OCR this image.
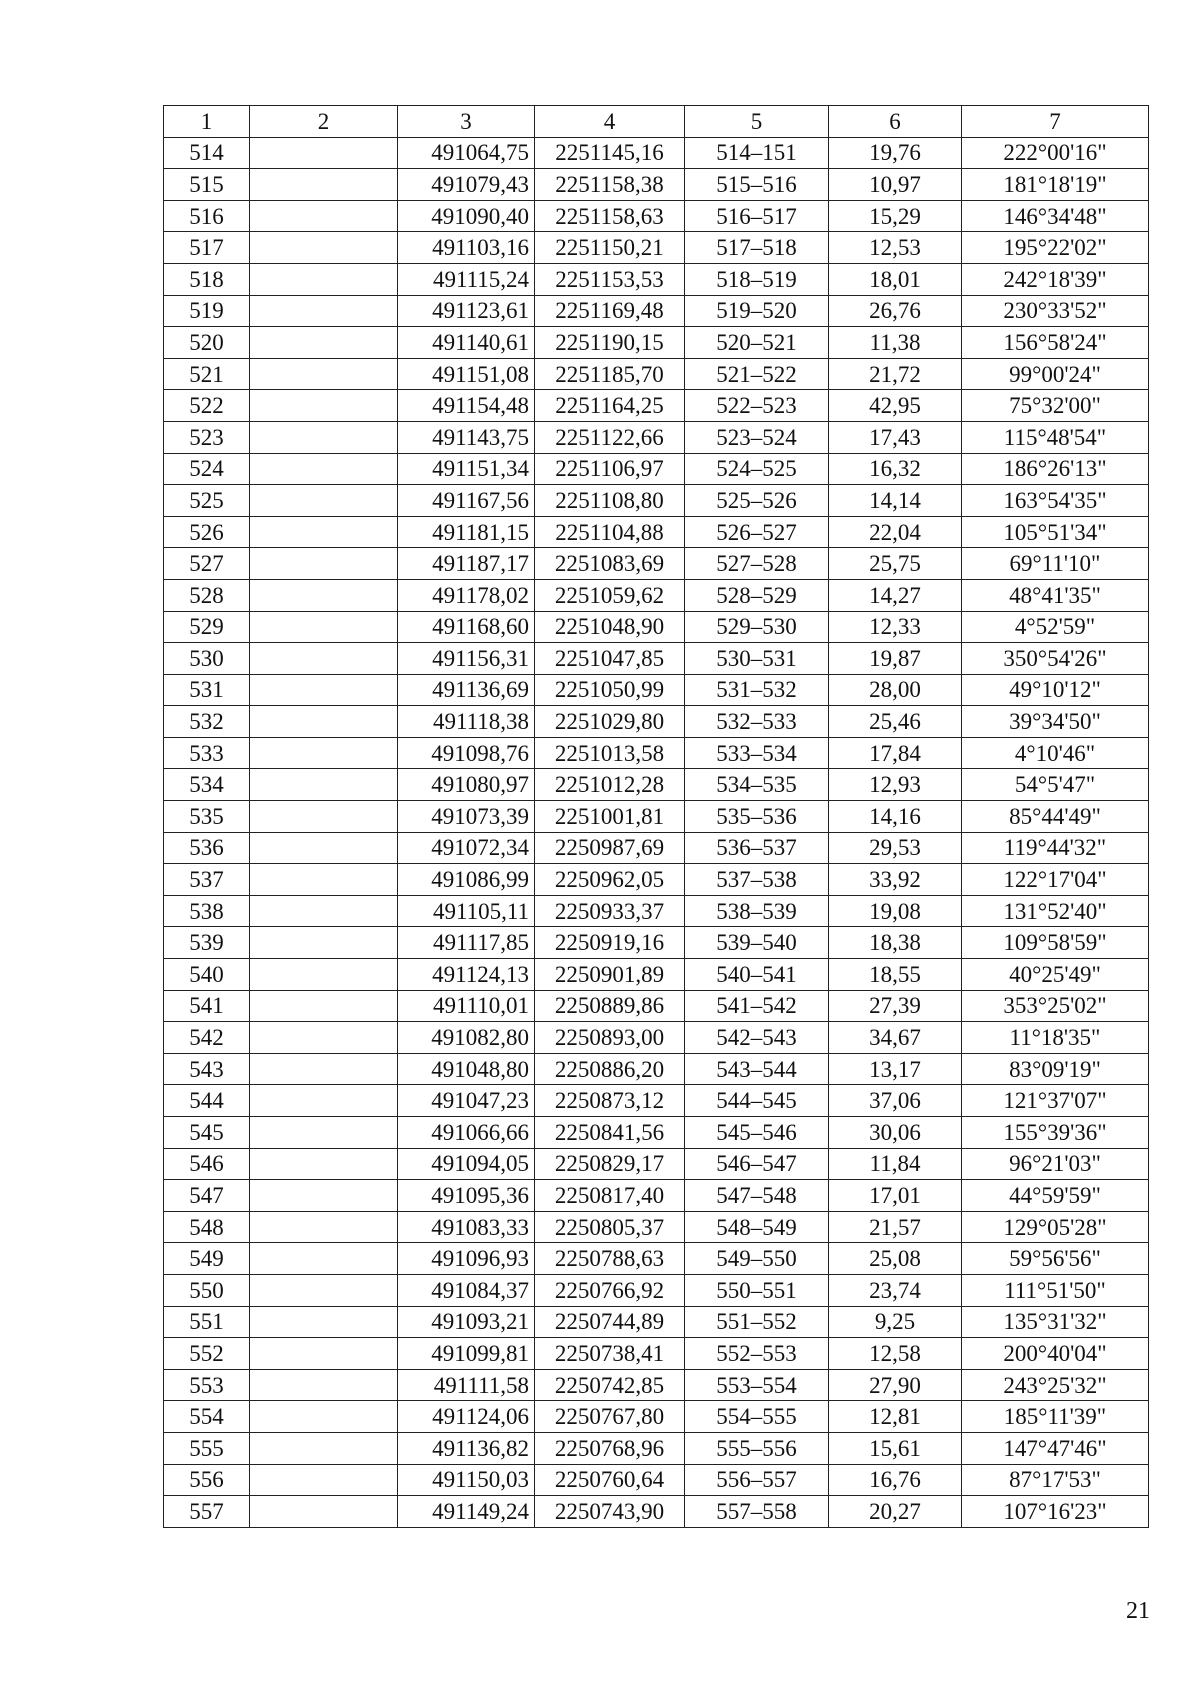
1	2	3	4	5	6	7
514		491064,75	2251145,16	514–151	19,76	222°00'16"
515		491079,43	2251158,38	515–516	10,97	181°18'19"
516		491090,40	2251158,63	516–517	15,29	146°34'48"
517		491103,16	2251150,21	517–518	12,53	195°22'02"
518		491115,24	2251153,53	518–519	18,01	242°18'39"
519		491123,61	2251169,48	519–520	26,76	230°33'52"
520		491140,61	2251190,15	520–521	11,38	156°58'24"
521		491151,08	2251185,70	521–522	21,72	99°00'24"
522		491154,48	2251164,25	522–523	42,95	75°32'00"
523		491143,75	2251122,66	523–524	17,43	115°48'54"
524		491151,34	2251106,97	524–525	16,32	186°26'13"
525		491167,56	2251108,80	525–526	14,14	163°54'35"
526		491181,15	2251104,88	526–527	22,04	105°51'34"
527		491187,17	2251083,69	527–528	25,75	69°11'10"
528		491178,02	2251059,62	528–529	14,27	48°41'35"
529		491168,60	2251048,90	529–530	12,33	4°52'59"
530		491156,31	2251047,85	530–531	19,87	350°54'26"
531		491136,69	2251050,99	531–532	28,00	49°10'12"
532		491118,38	2251029,80	532–533	25,46	39°34'50"
533		491098,76	2251013,58	533–534	17,84	4°10'46"
534		491080,97	2251012,28	534–535	12,93	54°5'47"
535		491073,39	2251001,81	535–536	14,16	85°44'49"
536		491072,34	2250987,69	536–537	29,53	119°44'32"
537		491086,99	2250962,05	537–538	33,92	122°17'04"
538		491105,11	2250933,37	538–539	19,08	131°52'40"
539		491117,85	2250919,16	539–540	18,38	109°58'59"
540		491124,13	2250901,89	540–541	18,55	40°25'49"
541		491110,01	2250889,86	541–542	27,39	353°25'02"
542		491082,80	2250893,00	542–543	34,67	11°18'35"
543		491048,80	2250886,20	543–544	13,17	83°09'19"
544		491047,23	2250873,12	544–545	37,06	121°37'07"
545		491066,66	2250841,56	545–546	30,06	155°39'36"
546		491094,05	2250829,17	546–547	11,84	96°21'03"
547		491095,36	2250817,40	547–548	17,01	44°59'59"
548		491083,33	2250805,37	548–549	21,57	129°05'28"
549		491096,93	2250788,63	549–550	25,08	59°56'56"
550		491084,37	2250766,92	550–551	23,74	111°51'50"
551		491093,21	2250744,89	551–552	9,25	135°31'32"
552		491099,81	2250738,41	552–553	12,58	200°40'04"
553		491111,58	2250742,85	553–554	27,90	243°25'32"
554		491124,06	2250767,80	554–555	12,81	185°11'39"
555		491136,82	2250768,96	555–556	15,61	147°47'46"
556		491150,03	2250760,64	556–557	16,76	87°17'53"
557		491149,24	2250743,90	557–558	20,27	107°16'23"
21
